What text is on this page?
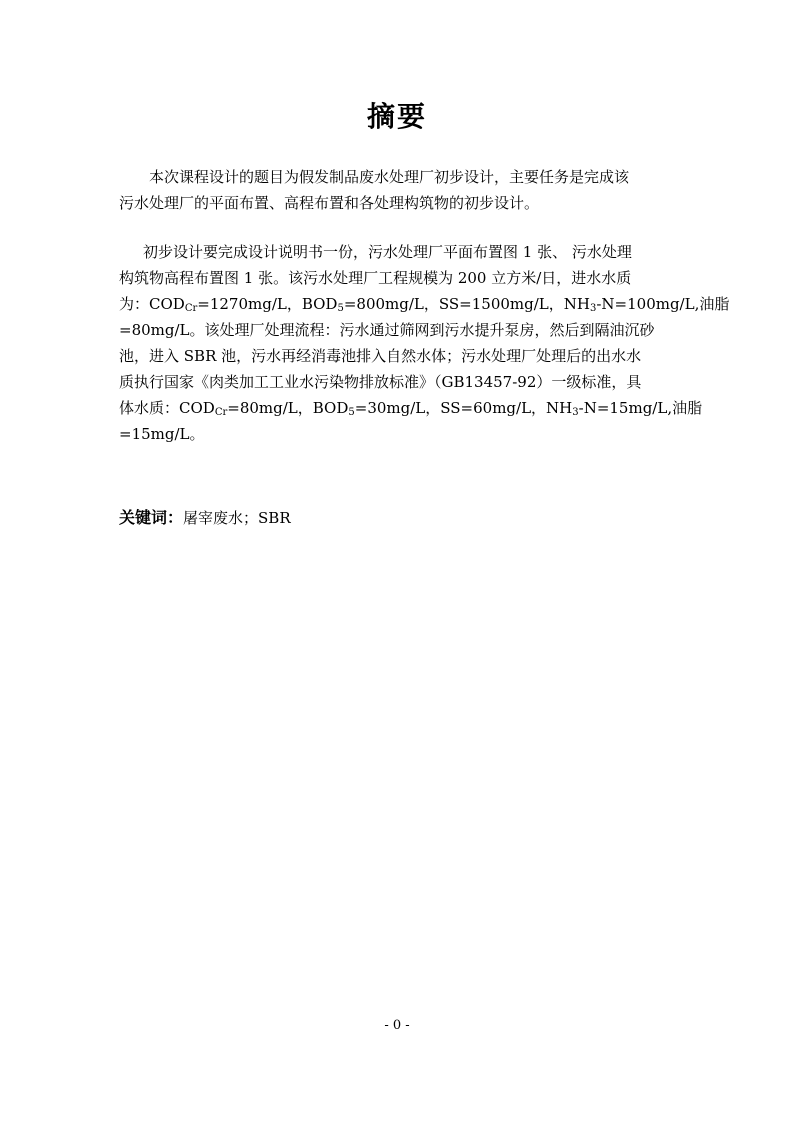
摘要
本次课程设计的题目为假发制品废水处理厂初步设计，主要任务是完成该
污水处理厂的平面布置、高程布置和各处理构筑物的初步设计。
初步设计要完成设计说明书一份，污水处理厂平面布置图 1 张、 污水处理
构筑物高程布置图 1 张。该污水处理厂工程规模为 200 立方米/日，进水水质
为：$COD_{Cr}=1270mg/L$，$BOD_5=800mg/L$，SS=1500mg/L，$NH_3-N=100mg/L$,油脂
=80mg/L。该处理厂处理流程：污水通过筛网到污水提升泵房，然后到隔油沉砂
池，进入 SBR 池，污水再经消毒池排入自然水体；污水处理厂处理后的出水水
质执行国家《肉类加工工业水污染物排放标准》（GB13457-92）一级标准，具
体水质：$COD_{Cr}=80mg/L$，$BOD_5=30mg/L$，SS=60mg/L，$NH_3-N=15mg/L$,油脂
=15mg/L。
关键词：屠宰废水；SBR
- 0 -
